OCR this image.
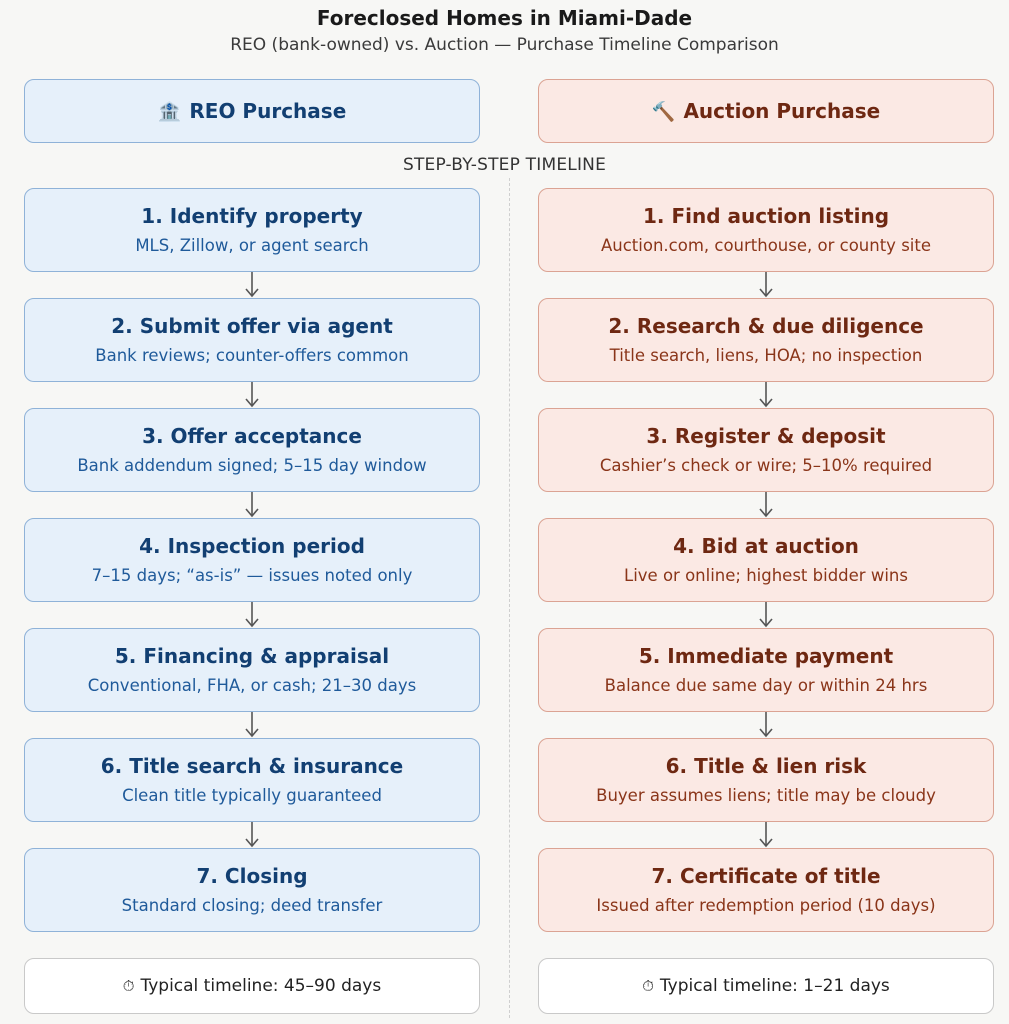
Foreclosed Homes in Miami-Dade
REO (bank-owned) vs. Auction — Purchase Timeline Comparison
🏦 REO Purchase	🔨 Auction Purchase
STEP-BY-STEP TIMELINE
1. Identify property
MLS, Zillow, or agent search
2. Submit offer via agent
Bank reviews; counter-offers common
3. Offer acceptance
Bank addendum signed; 5–15 day window
4. Inspection period
7–15 days; “as-is” — issues noted only
5. Financing & appraisal
Conventional, FHA, or cash; 21–30 days
6. Title search & insurance
Clean title typically guaranteed
7. Closing
Standard closing; deed transfer
1. Find auction listing
Auction.com, courthouse, or county site
2. Research & due diligence
Title search, liens, HOA; no inspection
3. Register & deposit
Cashier’s check or wire; 5–10% required
4. Bid at auction
Live or online; highest bidder wins
5. Immediate payment
Balance due same day or within 24 hrs
6. Title & lien risk
Buyer assumes liens; title may be cloudy
7. Certificate of title
Issued after redemption period (10 days)
⏱ Typical timeline: 45–90 days	⏱ Typical timeline: 1–21 days
